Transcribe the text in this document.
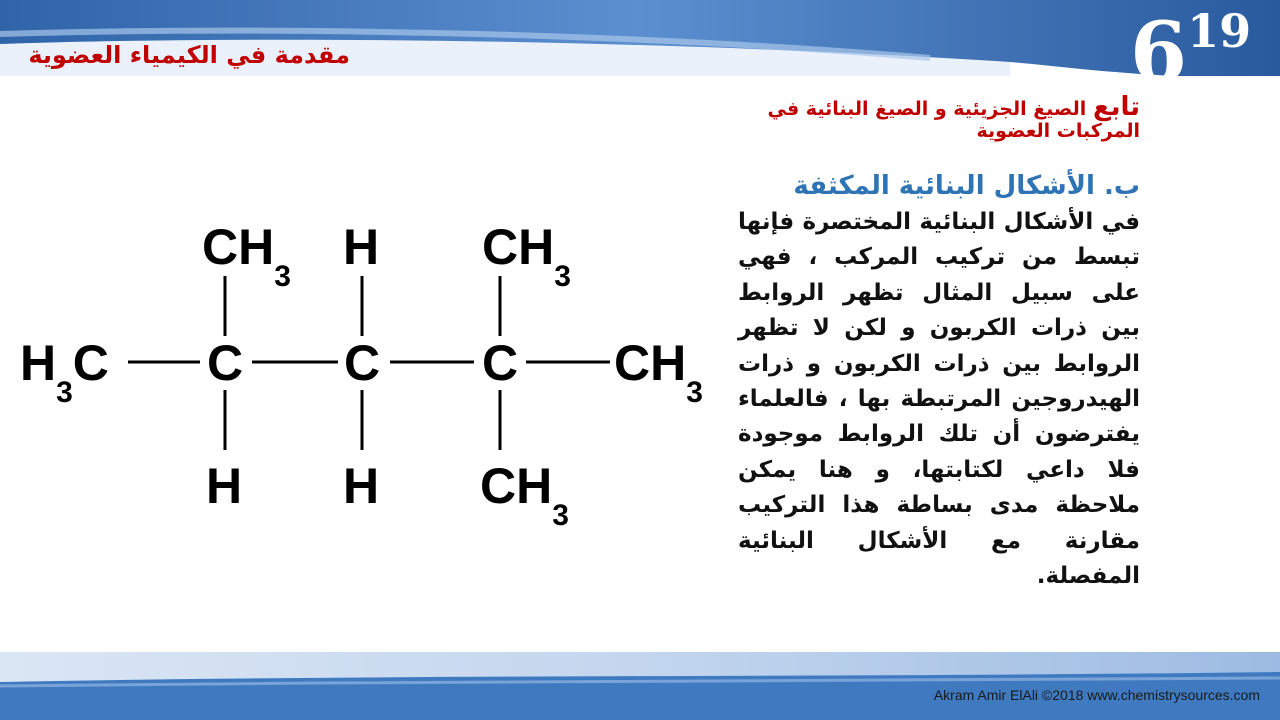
مقدمة في الكيمياء العضوية	619
تابع الصيغ الجزيئية و الصيغ البنائية في المركبات العضوية
ب. الأشكال البنائية المكثفة
في الأشكال البنائية المختصرة فإنها تبسط من تركيب المركب ، فهي على سبيل المثال تظهر الروابط بين ذرات الكربون و لكن لا تظهر الروابط بين ذرات الكربون و ذرات الهيدروجين المرتبطة بها ، فالعلماء يفترضون أن تلك الروابط موجودة فلا داعي لكتابتها، و هنا يمكن ملاحظة مدى بساطة هذا التركيب مقارنة مع الأشكال البنائية المفصلة.
$H_3C$ C C C $CH_3$
$CH_3$
H $CH_3$
H H $CH_3$
Akram Amir ElAli ©2018 www.chemistrysources.com
